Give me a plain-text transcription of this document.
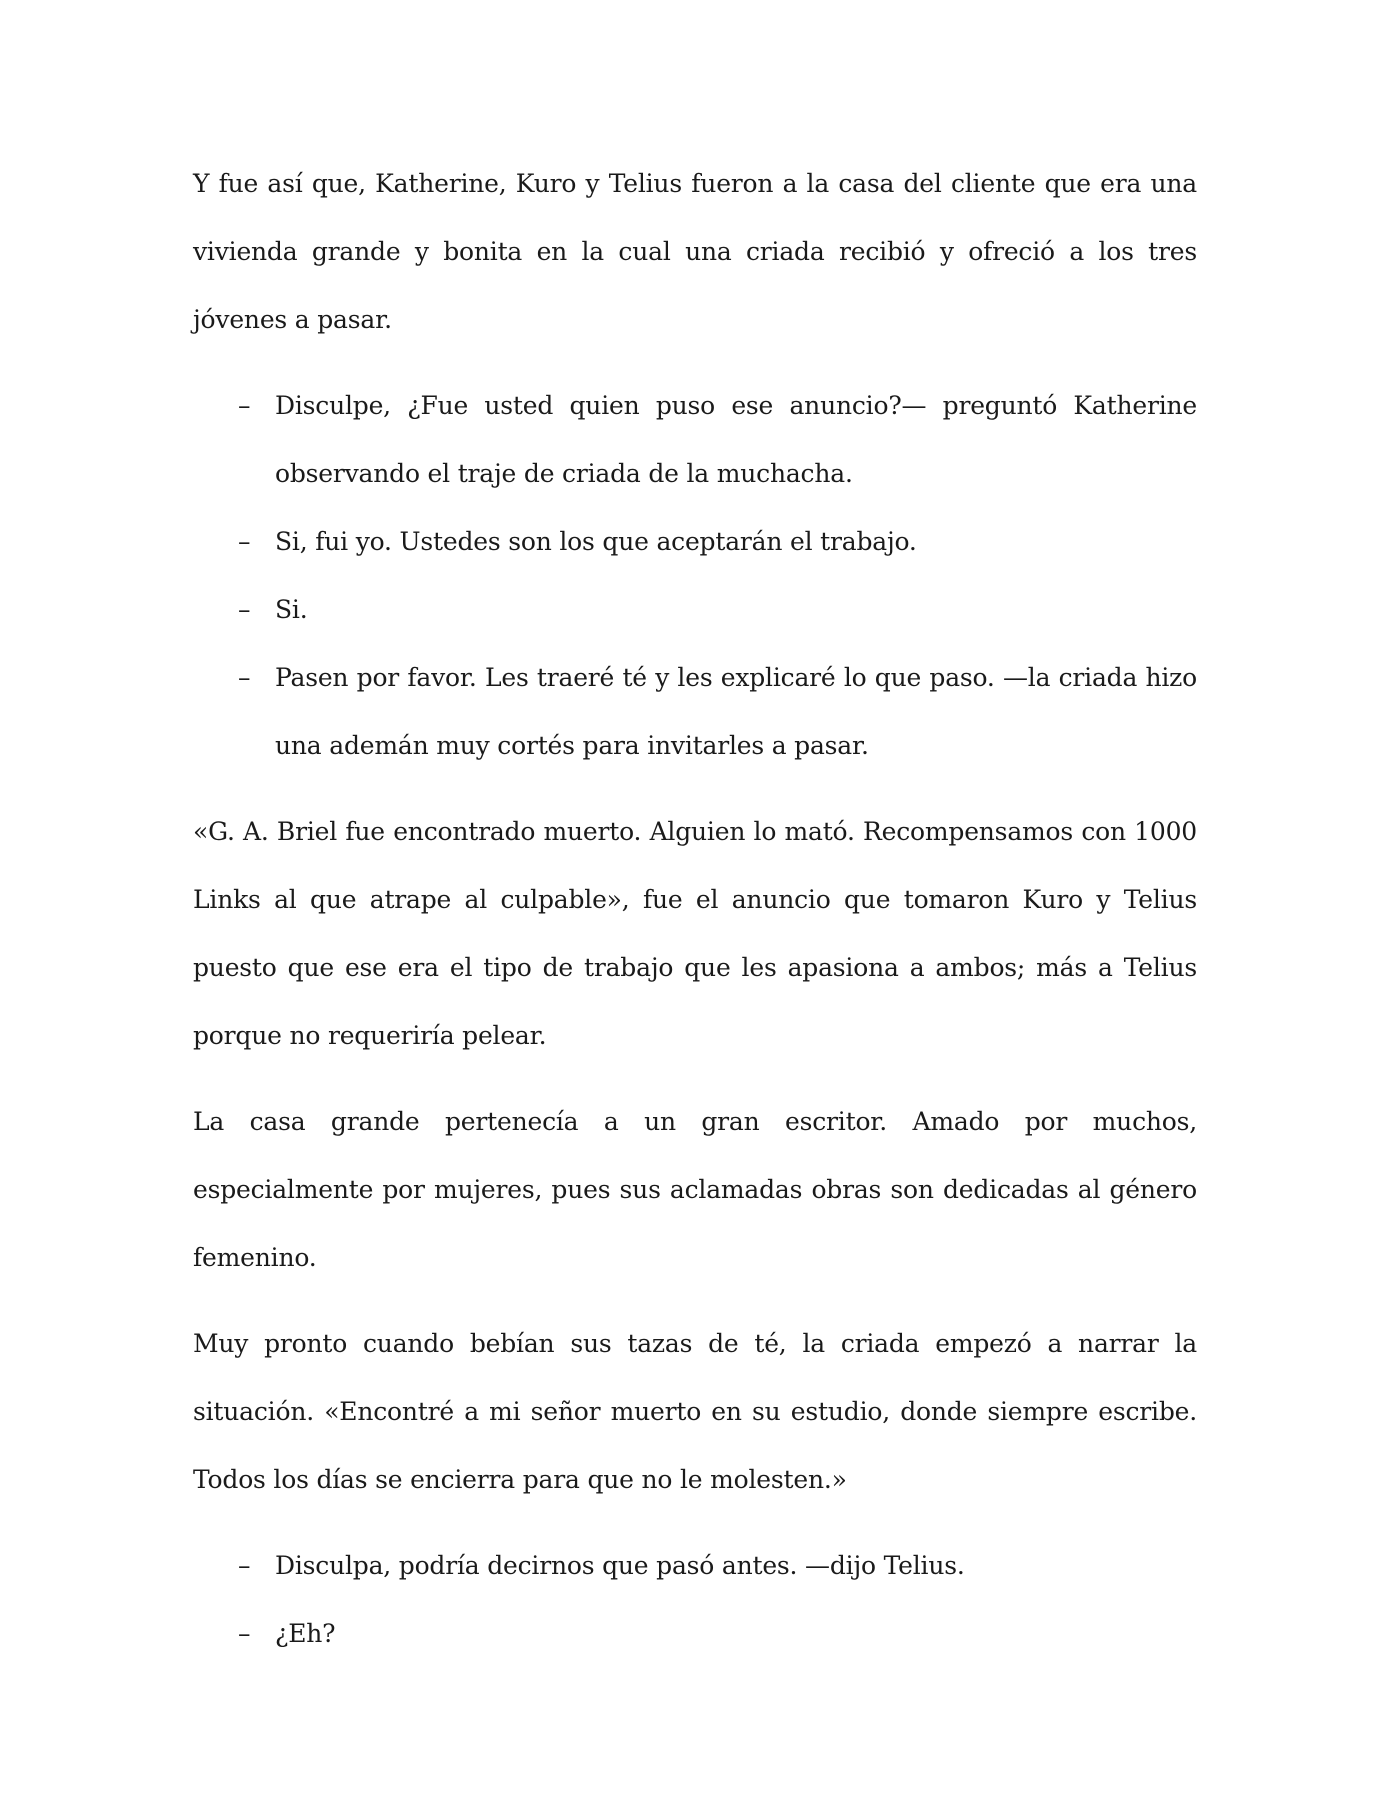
Y fue así que, Katherine, Kuro y Telius fueron a la casa del cliente que era una vivienda grande y bonita en la cual una criada recibió y ofreció a los tres jóvenes a pasar.

– Disculpe, ¿Fue usted quien puso ese anuncio?— preguntó Katherine observando el traje de criada de la muchacha.
– Si, fui yo. Ustedes son los que aceptarán el trabajo.
– Si.
– Pasen por favor. Les traeré té y les explicaré lo que paso. —la criada hizo una ademán muy cortés para invitarles a pasar.

«G. A. Briel fue encontrado muerto. Alguien lo mató. Recompensamos con 1000 Links al que atrape al culpable», fue el anuncio que tomaron Kuro y Telius puesto que ese era el tipo de trabajo que les apasiona a ambos; más a Telius porque no requeriría pelear.

La casa grande pertenecía a un gran escritor. Amado por muchos, especialmente por mujeres, pues sus aclamadas obras son dedicadas al género femenino.

Muy pronto cuando bebían sus tazas de té, la criada empezó a narrar la situación. «Encontré a mi señor muerto en su estudio, donde siempre escribe. Todos los días se encierra para que no le molesten.»

– Disculpa, podría decirnos que pasó antes. —dijo Telius.
– ¿Eh?
